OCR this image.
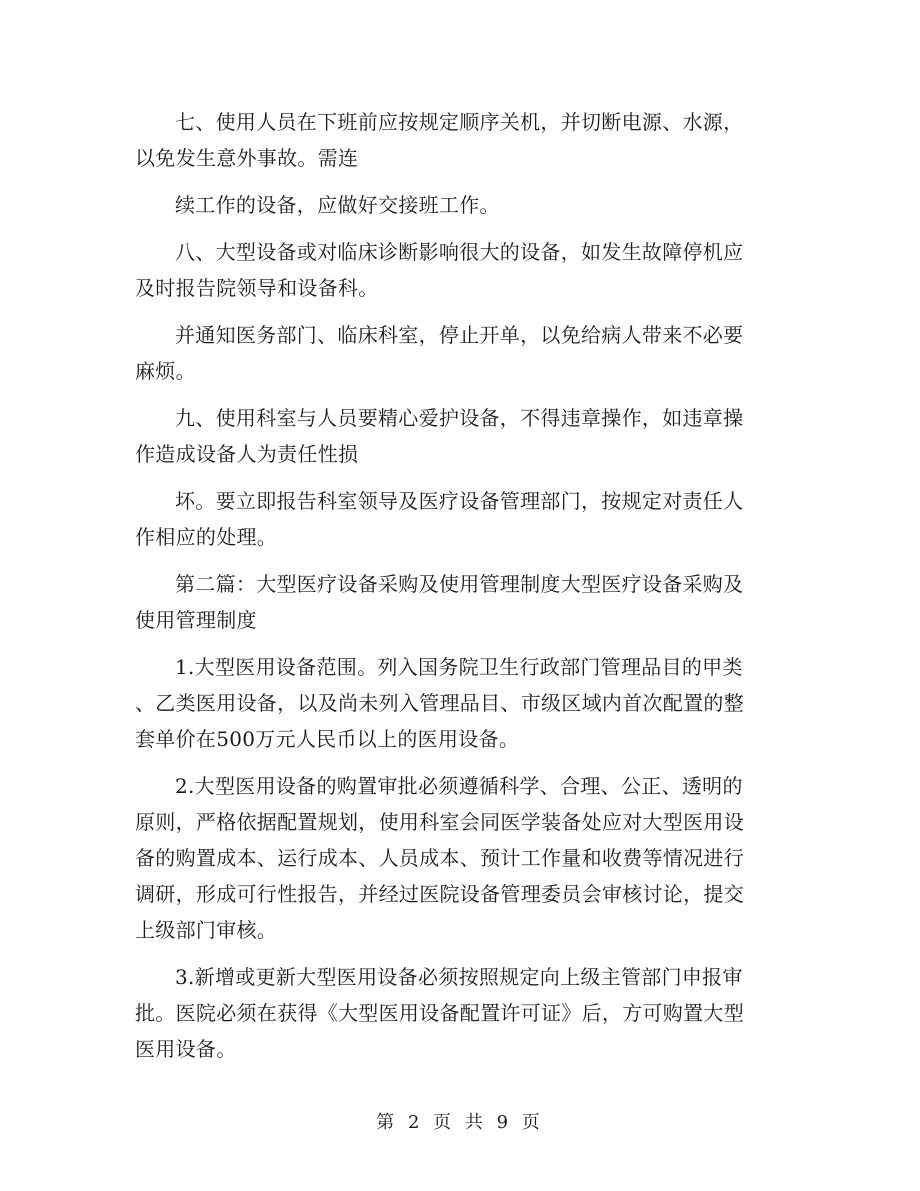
七、使用人员在下班前应按规定顺序关机，并切断电源、水源，
以免发生意外事故。需连

续工作的设备，应做好交接班工作。

八、大型设备或对临床诊断影响很大的设备，如发生故障停机应
及时报告院领导和设备科。

并通知医务部门、临床科室，停止开单，以免给病人带来不必要
麻烦。

九、使用科室与人员要精心爱护设备，不得违章操作，如违章操
作造成设备人为责任性损

坏。要立即报告科室领导及医疗设备管理部门，按规定对责任人
作相应的处理。

第二篇：大型医疗设备采购及使用管理制度大型医疗设备采购及
使用管理制度

1.大型医用设备范围。列入国务院卫生行政部门管理品目的甲类
、乙类医用设备，以及尚未列入管理品目、市级区域内首次配置的整
套单价在500万元人民币以上的医用设备。

2.大型医用设备的购置审批必须遵循科学、合理、公正、透明的
原则，严格依据配置规划，使用科室会同医学装备处应对大型医用设
备的购置成本、运行成本、人员成本、预计工作量和收费等情况进行
调研，形成可行性报告，并经过医院设备管理委员会审核讨论，提交
上级部门审核。

3.新增或更新大型医用设备必须按照规定向上级主管部门申报审
批。医院必须在获得《大型医用设备配置许可证》后，方可购置大型
医用设备。

第 2 页 共 9 页
